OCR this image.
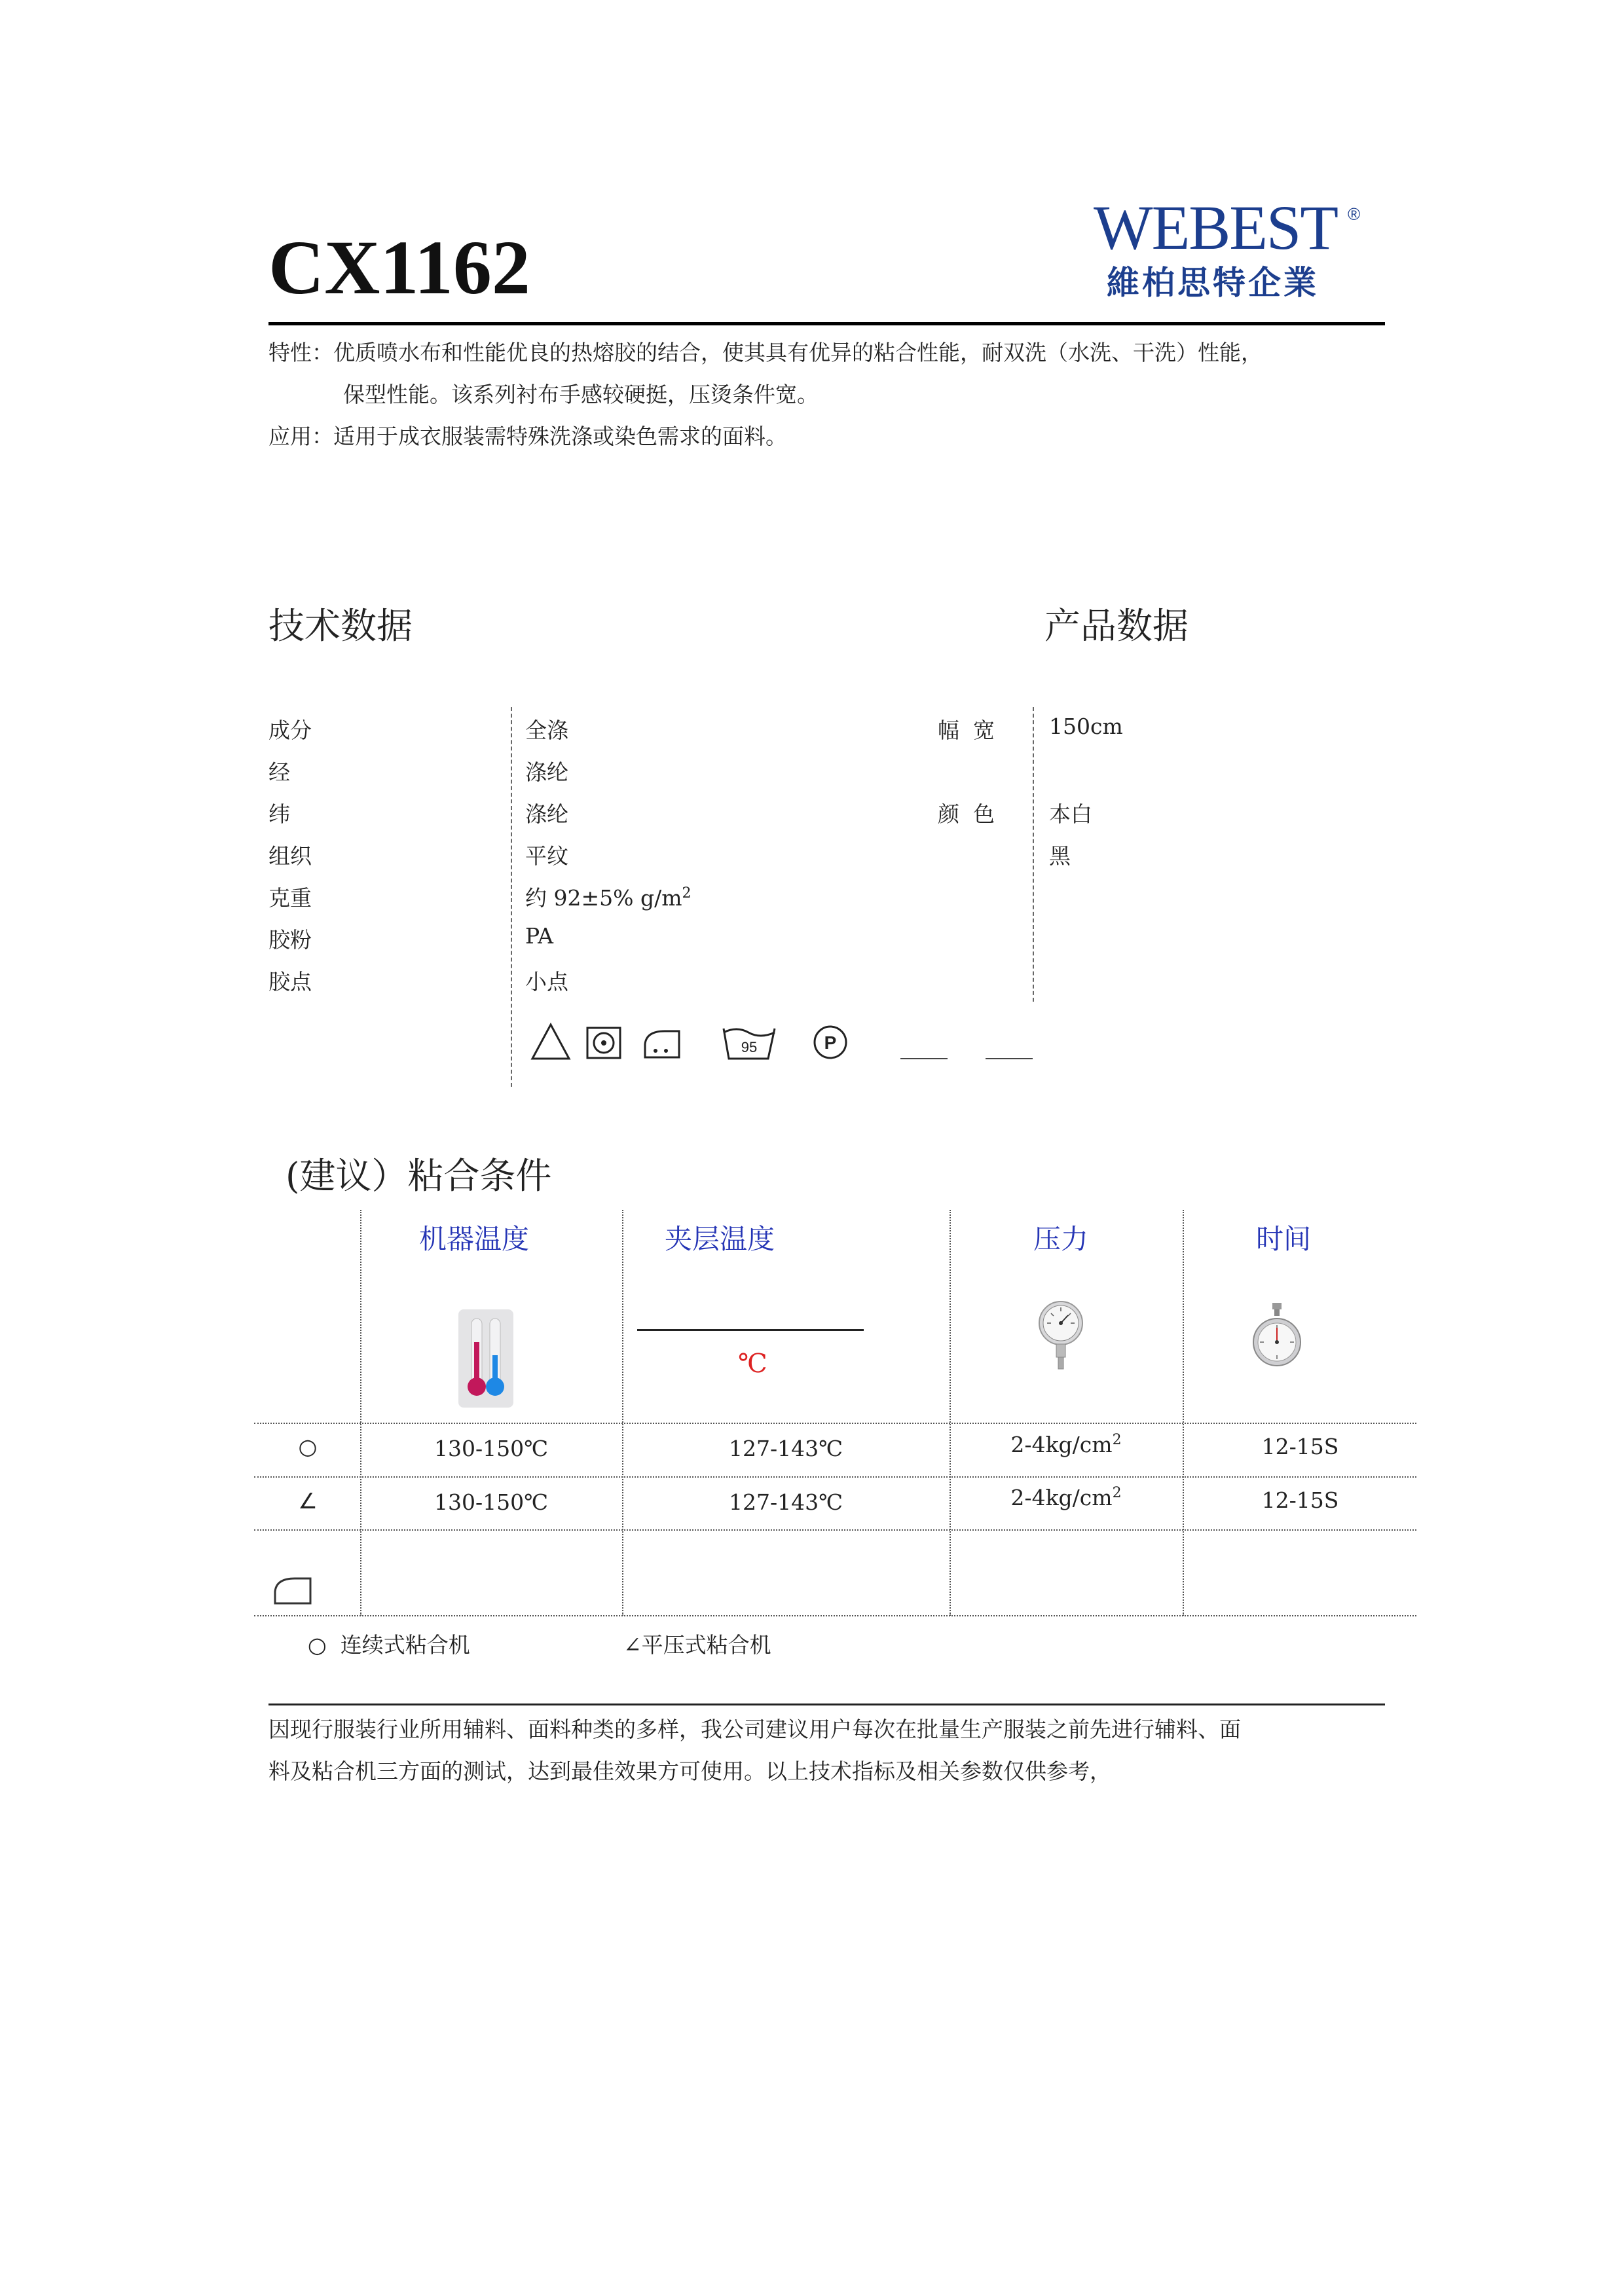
CX1162	WEBEST ®
維柏思特企業
特性：优质喷水布和性能优良的热熔胶的结合，使其具有优异的粘合性能，耐双洗（水洗、干洗）性能，
保型性能。该系列衬布手感较硬挺，压烫条件宽。
应用：适用于成衣服装需特殊洗涤或染色需求的面料。
技术数据	产品数据
成分	全涤
经	涤纶
纬	涤纶
组织	平纹
克重	约 92±5% $g/m^2$
胶粉	PA
胶点	小点
幅  宽	150cm
颜  色	本白
黑
95	P
(建议）粘合条件
机器温度	夹层温度	压力	时间
℃
○	130-150℃	127-143℃	$2-4kg/cm^2$	12-15S
∠	130-150℃	127-143℃	$2-4kg/cm^2$	12-15S
○  连续式粘合机	∠平压式粘合机
因现行服装行业所用辅料、面料种类的多样，我公司建议用户每次在批量生产服装之前先进行辅料、面
料及粘合机三方面的测试，达到最佳效果方可使用。以上技术指标及相关参数仅供参考，
